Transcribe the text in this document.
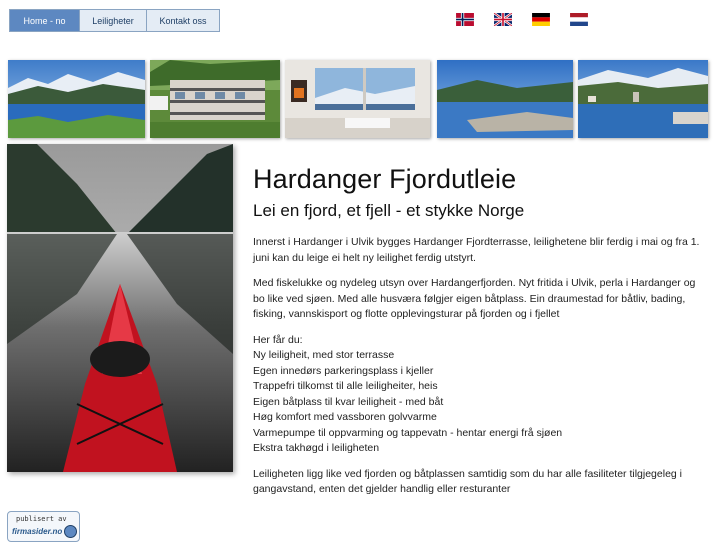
Home - no	Leiligheter	Kontakt oss
Hardanger Fjordutleie
Lei en fjord, et fjell - et stykke Norge

Innerst i Hardanger i Ulvik bygges Hardanger Fjordterrasse, leilighetene blir ferdig i mai og fra 1. juni kan du leige ei helt ny leilighet ferdig utstyrt.

Med fiskelukke og nydeleg utsyn over Hardangerfjorden. Nyt fritida i Ulvik, perla i Hardanger og bo like ved sjøen. Med alle husværa følgjer eigen båtplass. Ein draumestad for båtliv, bading, fisking, vannskisport og flotte opplevingsturar på fjorden og i fjellet

Her får du:
Ny leiligheit, med stor terrasse
Egen innedørs parkeringsplass i kjeller
Trappefri tilkomst til alle leiligheiter, heis
Eigen båtplass til kvar leiligheit - med båt
Høg komfort med vassboren golvvarme
Varmepumpe til oppvarming og tappevatn - hentar energi frå sjøen
Ekstra takhøgd i leiligheten

Leiligheten ligg like ved fjorden og båtplassen samtidig som du har alle fasiliteter tilgjegeleg i gangavstand, enten det gjelder handlig eller resturanter

publisert av
firmasider.no
